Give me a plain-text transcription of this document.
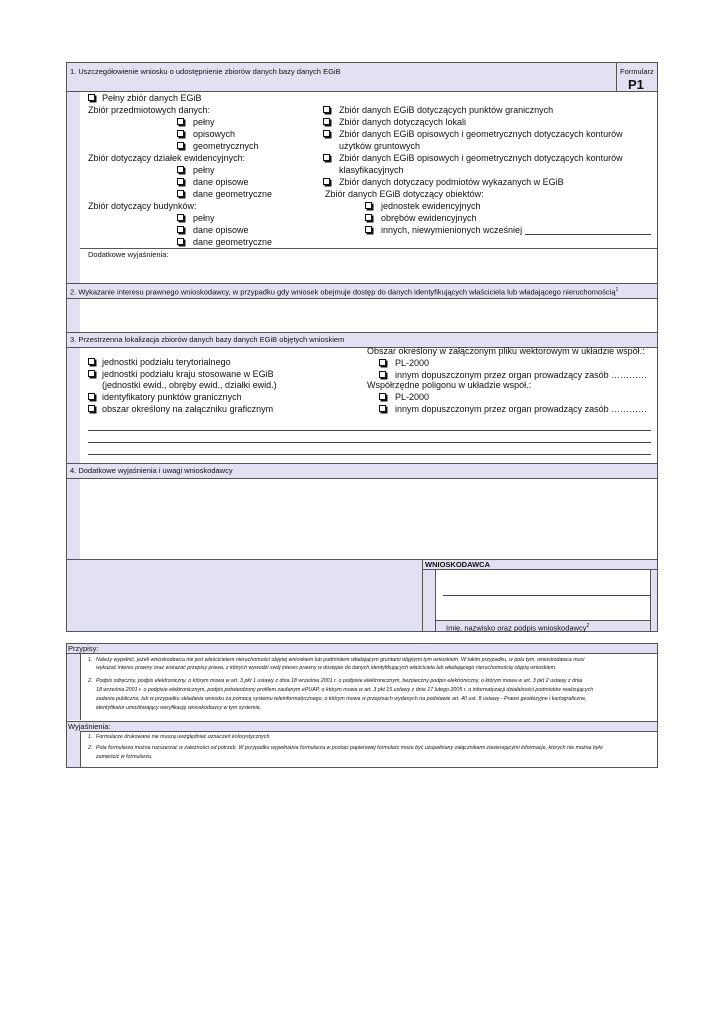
1. Uszczegółowienie wniosku o udostępnienie zbiorów danych bazy danych EGiB	Formularz
P1
Pełny zbiór danych EGiB
Zbiór przedmiotowych danych:
pełny
opisowych
geometrycznych
Zbiór dotyczący działek ewidencyjnych:
pełny
dane opisowe
dane geometryczne
Zbiór dotyczący budynków:
pełny
dane opisowe
dane geometryczne
Zbiór danych EGiB dotyczących punktów granicznych
Zbiór danych dotyczących lokali
Zbiór danych EGiB opisowych i geometrycznych dotyczacych konturów
użytków gruntowych
Zbiór danych EGiB opisowych i geometrycznych dotyczących konturów
klasyfikacyjnych
Zbiór danych dotyczacy podmiotów wykazanych w EGiB
Zbiór danych EGiB dotyczący obiektów:
jednostek ewidencyjnych
obrębów ewidencyjnych
innych, niewymienionych wcześniej
Dodatkowe wyjaśnienia:
2. Wykazanie interesu prawnego wnioskodawcy, w przypadku gdy wniosek obejmuje dostęp do danych identyfikujących właściciela lub władającego nieruchomością$^1$
3. Przestrzenna lokalizacja zbiorów danych bazy danych EGiB objętych wnioskiem
Obszar określony w załączonym pliku wektorowym w układzie współ.:
PL-2000
innym dopuszczonym przez organ prowadzący zasób …………
Współrzędne poligonu w układzie współ.:
PL-2000
innym dopuszczonym przez organ prowadzący zasób …………
jednostki podziału terytorialnego
jednostki podziału kraju stosowane w EGiB
(jednostki ewid., obręby ewid., działki ewid.)
identyfikatory punktów granicznych
obszar określony na załączniku graficznym
4. Dodatkowe wyjaśnienia i uwagi wnioskodawcy
WNIOSKODAWCA
Imię, nazwisko oraz podpis wnioskodawcy$^2$
Przypisy:
1. Należy wypełnić, jeżeli wnioskodawca nie jest właścicielem nieruchomości objętej wnioskiem lub podmiotem władającym gruntami objętymi tym wnioskiem. W takim przypadku, w polu tym, wnioskodawca musi
wykazać interes prawny oraz wskazać przepisy prawa, z których wywodzi swój interes prawny w dostępie do danych identyfikujących właściciela lub władającego nieruchomością objętą wnioskiem.
2. Podpis odręczny, podpis elektroniczny, o którym mowa w art. 3 pkt 1 ustawy z dnia 18 września 2001 r. o podpisie elektronicznym, bezpieczny podpis elektroniczny, o którym mowa w art. 3 pkt 2 ustawy z dnia
18 września 2001 r. o podpisie elektronicznym, podpis potwierdzony profilem zaufanym ePUAP, o którym mowa w art. 3 pkt 15 ustawy z dnia 17 lutego 2005 r. o informatyzacji działalności podmiotów realizujących
zadania publiczne, lub w przypadku składania wniosku za pomocą systemu teleinformatycznego, o którym mowa w przepisach wydanych na podstawie art. 40 ust. 8 ustawy - Prawo geodezyjne i kartograficzne,
identyfikator umożliwiający weryfikację wnioskodawcy w tym systemie.
Wyjaśnienia:
1. Formularze drukowane nie muszą uwzględniać oznaczeń kolorystycznych.
2. Pola formularza można rozszerzać w zależności od potrzeb. W przypadku wypełniania formularza w postaci papierowej formularz może być uzupełniany załącznikami zawierającymi informacje, których nie można było
zamieścić w formularzu.
